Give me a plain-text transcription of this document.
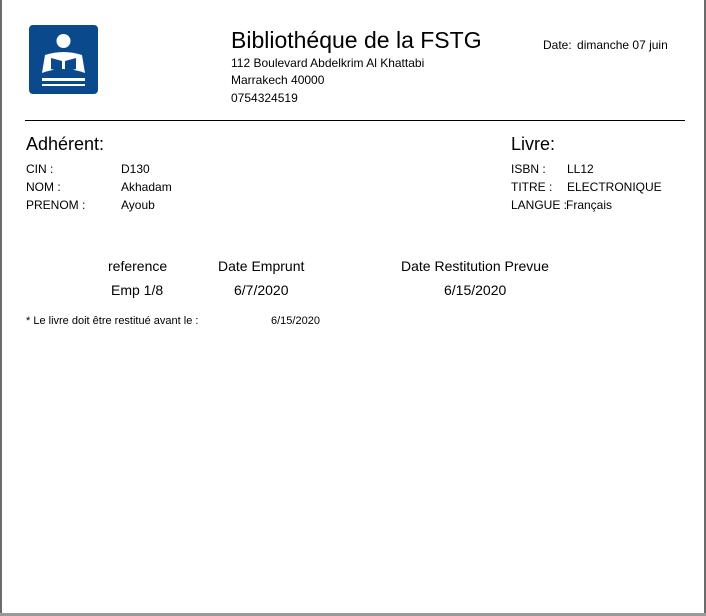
Bibliothéque de la FSTG
112 Boulevard Abdelkrim Al Khattabi
Marrakech 40000
0754324519
Date: dimanche 07 juin
Adhérent:
CIN :	D130
NOM :	Akhadam
PRENOM :	Ayoub
Livre:
ISBN : LL12
TITRE : ELECTRONIQUE
LANGUE :
Français
reference	Date Emprunt	Date Restitution Prevue
Emp 1/8	6/7/2020	6/15/2020
* Le livre doit être restitué avant le :	6/15/2020
